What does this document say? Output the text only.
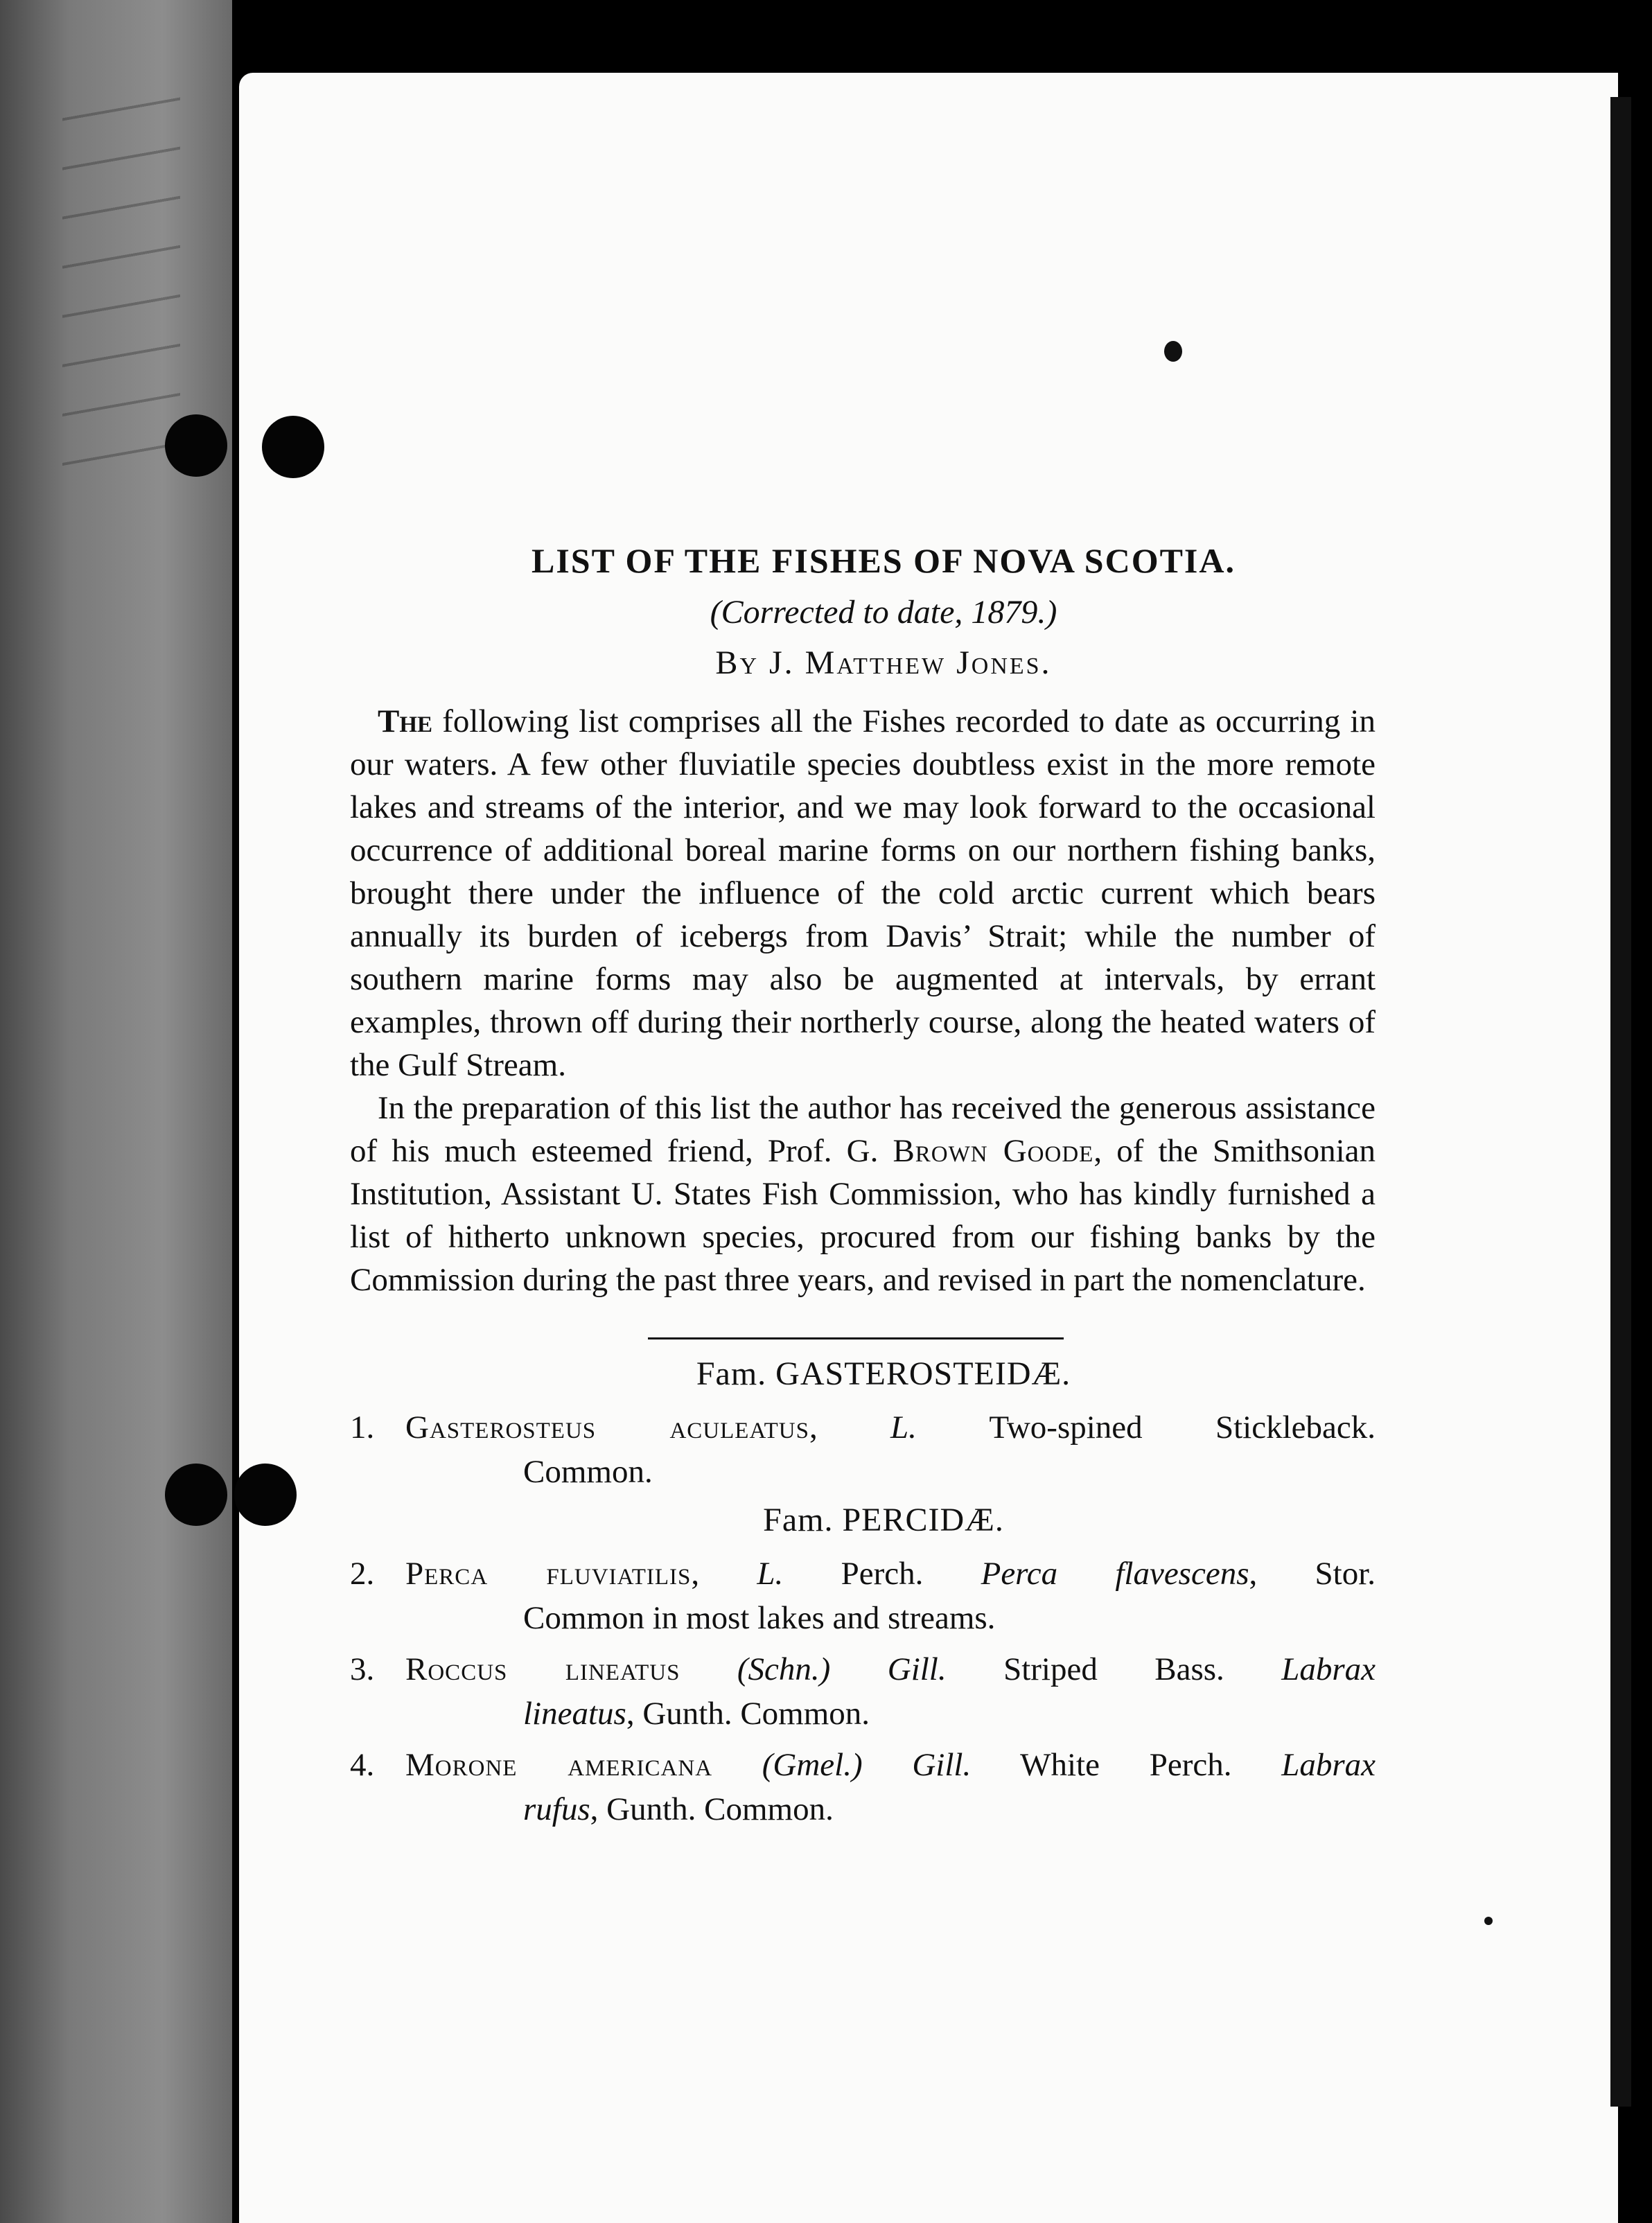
LIST OF THE FISHES OF NOVA SCOTIA.
(Corrected to date, 1879.)
By J. Matthew Jones.

The following list comprises all the Fishes recorded to date as occurring in our waters. A few other fluviatile species doubtless exist in the more remote lakes and streams of the interior, and we may look forward to the occasional occurrence of additional boreal marine forms on our northern fishing banks, brought there under the influence of the cold arctic current which bears annually its burden of icebergs from Davis’ Strait; while the number of southern marine forms may also be augmented at intervals, by errant examples, thrown off during their northerly course, along the heated waters of the Gulf Stream.

In the preparation of this list the author has received the generous assistance of his much esteemed friend, Prof. G. Brown Goode, of the Smithsonian Institution, Assistant U. States Fish Commission, who has kindly furnished a list of hitherto unknown species, procured from our fishing banks by the Commission during the past three years, and revised in part the nomenclature.

Fam. GASTEROSTEIDÆ.
1. Gasterosteus aculeatus, L. Two-spined Stickleback.
Common.
Fam. PERCIDÆ.
2. Perca fluviatilis, L. Perch. Perca flavescens, Stor.
Common in most lakes and streams.
3. Roccus lineatus (Schn.) Gill. Striped Bass. Labrax
lineatus, Gunth. Common.
4. Morone americana (Gmel.) Gill. White Perch. Labrax
rufus, Gunth. Common.
